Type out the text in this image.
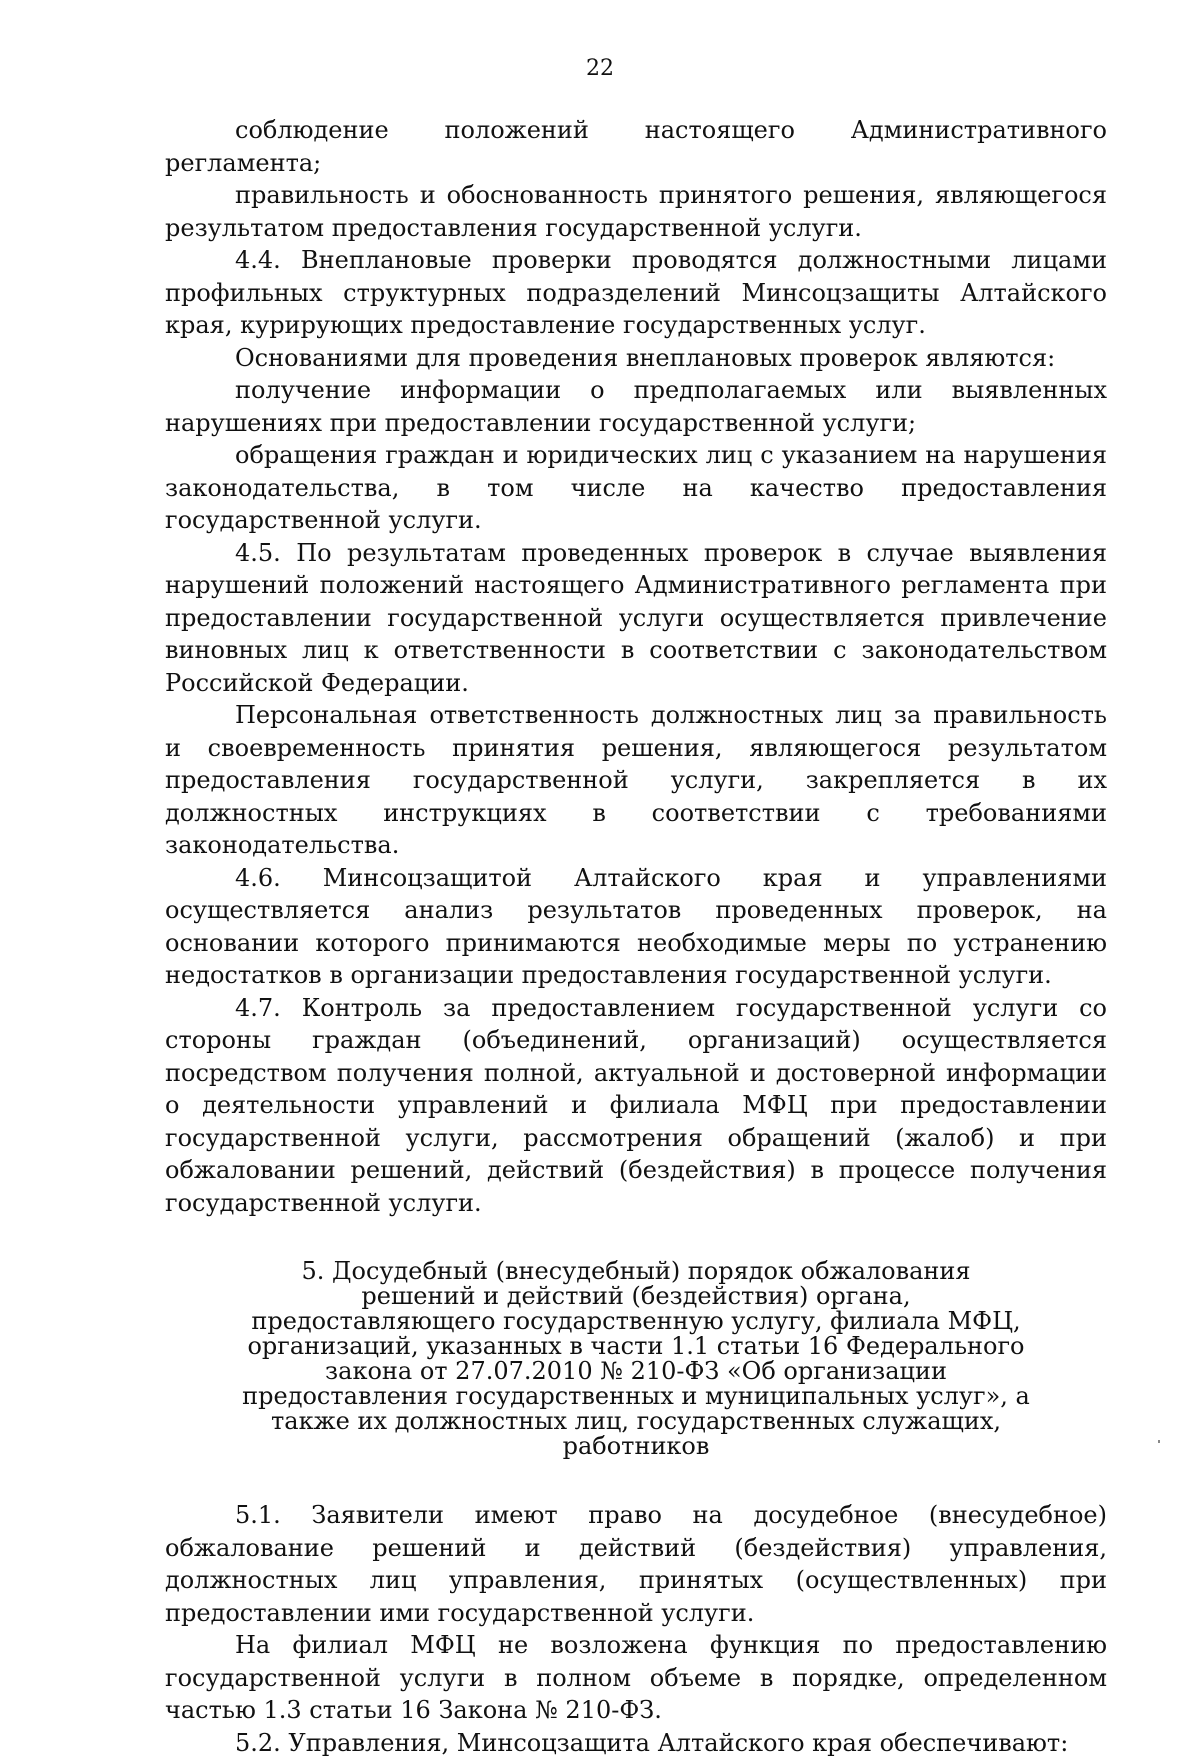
22

соблюдение положений настоящего Административного регламента;

правильность и обоснованность принятого решения, являющегося результатом предоставления государственной услуги.

4.4. Внеплановые проверки проводятся должностными лицами профильных структурных подразделений Минсоцзащиты Алтайского края, курирующих предоставление государственных услуг.

Основаниями для проведения внеплановых проверок являются:

получение информации о предполагаемых или выявленных нарушениях при предоставлении государственной услуги;

обращения граждан и юридических лиц с указанием на нарушения законодательства, в том числе на качество предоставления государственной услуги.

4.5. По результатам проведенных проверок в случае выявления нарушений положений настоящего Административного регламента при предоставлении государственной услуги осуществляется привлечение виновных лиц к ответственности в соответствии с законодательством Российской Федерации.

Персональная ответственность должностных лиц за правильность и своевременность принятия решения, являющегося результатом предоставления государственной услуги, закрепляется в их должностных инструкциях в соответствии с требованиями законодательства.

4.6. Минсоцзащитой Алтайского края и управлениями осуществляется анализ результатов проведенных проверок, на основании которого принимаются необходимые меры по устранению недостатков в организации предоставления государственной услуги.

4.7. Контроль за предоставлением государственной услуги со стороны граждан (объединений, организаций) осуществляется посредством получения полной, актуальной и достоверной информации о деятельности управлений и филиала МФЦ при предоставлении государственной услуги, рассмотрения обращений (жалоб) и при обжаловании решений, действий (бездействия) в процессе получения государственной услуги.

5. Досудебный (внесудебный) порядок обжалования решений и действий (бездействия) органа, предоставляющего государственную услугу, филиала МФЦ, организаций, указанных в части 1.1 статьи 16 Федерального закона от 27.07.2010 № 210-ФЗ «Об организации предоставления государственных и муниципальных услуг», а также их должностных лиц, государственных служащих, работников

5.1. Заявители имеют право на досудебное (внесудебное) обжалование решений и действий (бездействия) управления, должностных лиц управления, принятых (осуществленных) при предоставлении ими государственной услуги.

На филиал МФЦ не возложена функция по предоставлению государственной услуги в полном объеме в порядке, определенном частью 1.3 статьи 16 Закона № 210-ФЗ.

5.2. Управления, Минсоцзащита Алтайского края обеспечивают:
